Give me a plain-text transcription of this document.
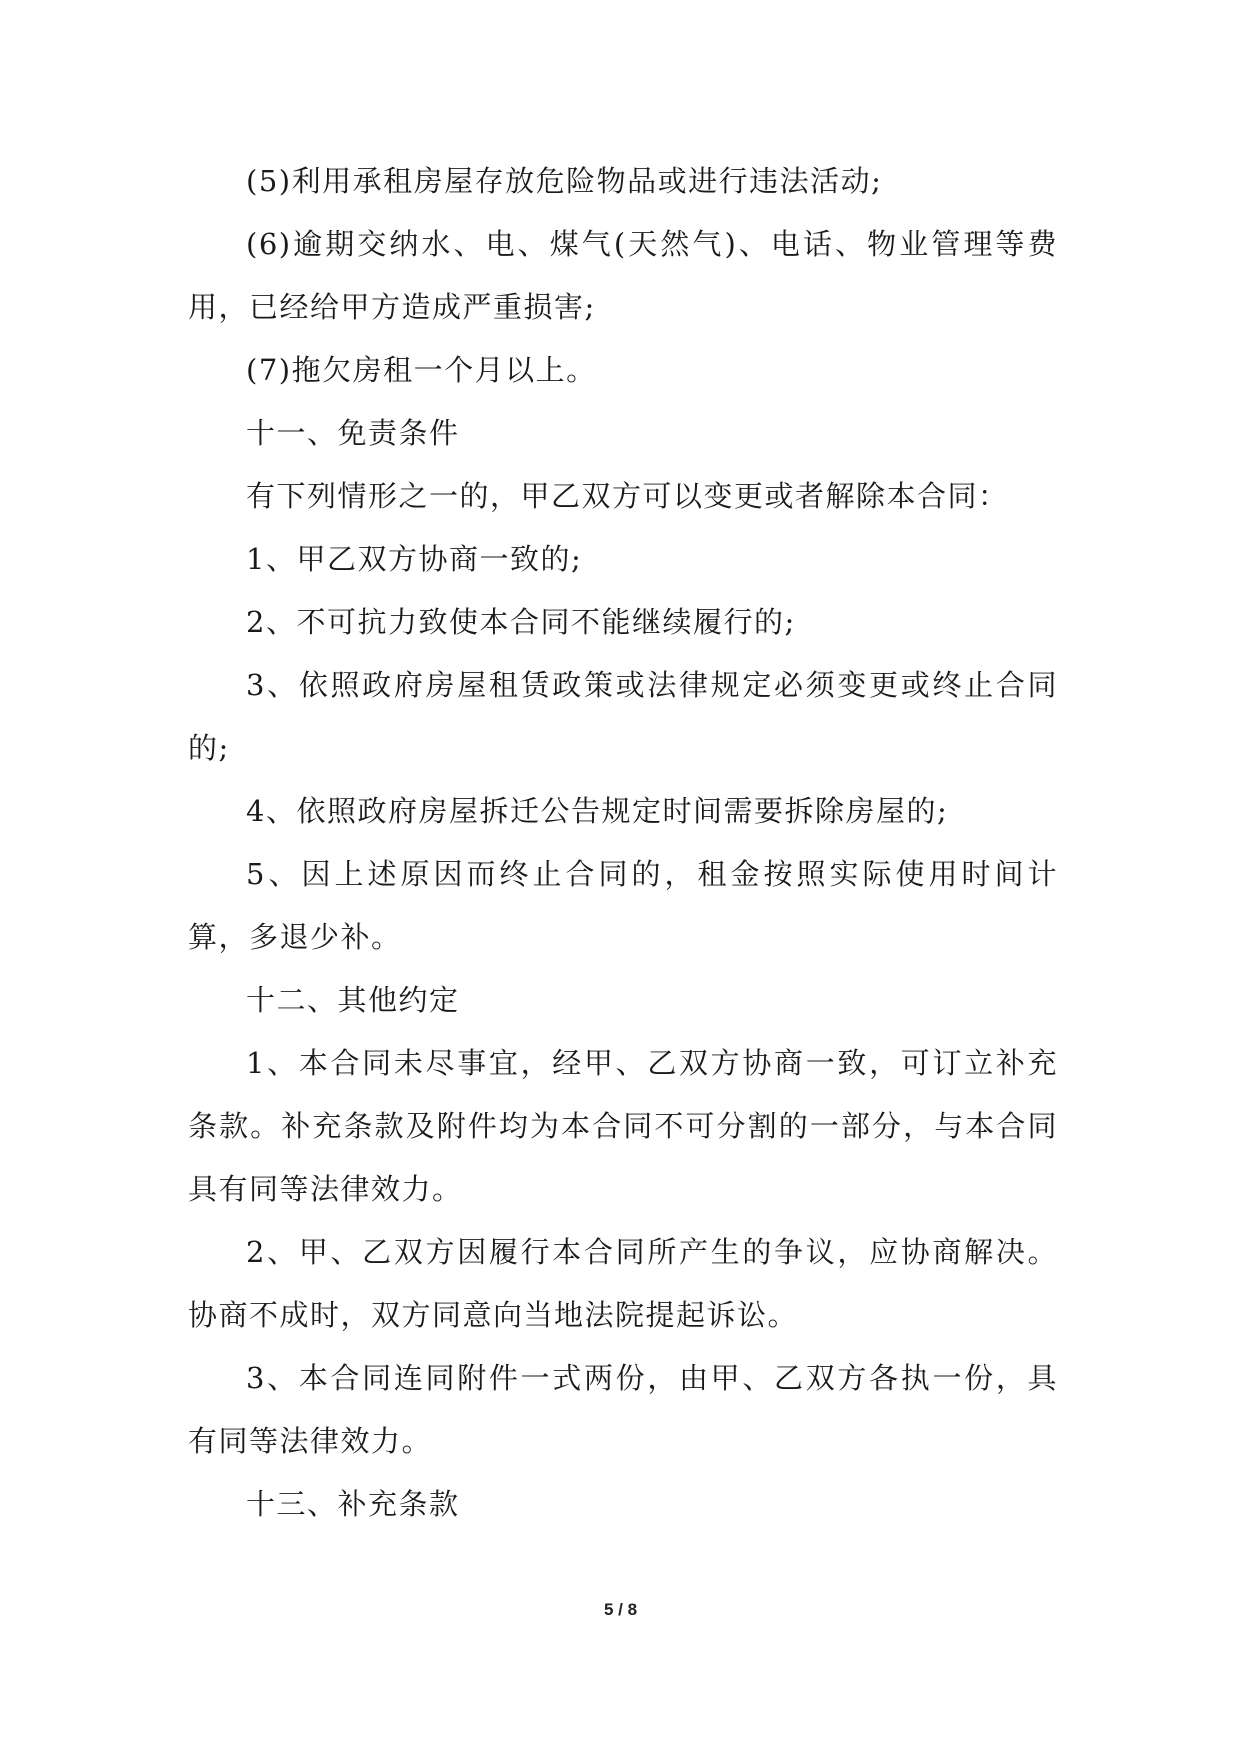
(5)利用承租房屋存放危险物品或进行违法活动;

(6)逾期交纳水、电、煤气(天然气)、电话、物业管理等费用，已经给甲方造成严重损害;

(7)拖欠房租一个月以上。

十一、免责条件

有下列情形之一的，甲乙双方可以变更或者解除本合同：

1、甲乙双方协商一致的;

2、不可抗力致使本合同不能继续履行的;

3、依照政府房屋租赁政策或法律规定必须变更或终止合同的;

4、依照政府房屋拆迁公告规定时间需要拆除房屋的;

5、因上述原因而终止合同的，租金按照实际使用时间计算，多退少补。

十二、其他约定

1、本合同未尽事宜，经甲、乙双方协商一致，可订立补充条款。补充条款及附件均为本合同不可分割的一部分，与本合同具有同等法律效力。

2、甲、乙双方因履行本合同所产生的争议，应协商解决。协商不成时，双方同意向当地法院提起诉讼。

3、本合同连同附件一式两份，由甲、乙双方各执一份，具有同等法律效力。

十三、补充条款

5 / 8
